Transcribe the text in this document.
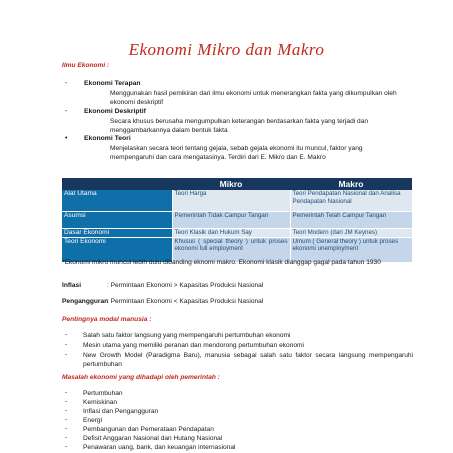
Ekonomi Mikro dan Makro
Ilmu Ekonomi :
- Ekonomi Terapan
Menggunakan hasil pemikiran dari ilmu ekonomi untuk menerangkan fakta yang dikumpulkan oleh ekonomi deskriptif
- Ekonomi Deskriptif
Secara khusus berusaha mengumpulkan keterangan berdasarkan fakta yang terjadi dan menggambarkannya dalam bentuk fakta
• Ekonomi Teori
Menjelaskan secara teori tentang gejala, sebab gejala ekonomi itu muncul, faktor yang mempengaruhi dan cara mengatasinya. Terdiri dari E. Mikro dan E. Makro
	Mikro	Makro
Alat Utama	Teori Harga	Teori Pendapatan Nasional dan Analisa Pendapatan Nasional
Asumsi	Pemerintah Tidak Campur Tangan	Pemerintah Telah Campur Tangan
Dasar Ekonomi	Teori Klasik dan Hukum Say	Teori Modern (dari JM Keynes)
Teori Ekonomi	Khusus ( special theory ) untuk proses ekonomi full employment	Umum ( General theory ) untuk proses ekonomi unemployment
*Ekonomi mikro muncul lebih dulu dibanding eknomi makro. Ekonomi klasik dianggap gagal pada tahun 1930
Inflasi	: Permintaan Ekonomi > Kapasitas Produksi Nasional
Pengangguran: Permintaan Ekonomi < Kapasitas Produksi Nasional
Pentingnya modal manusia :
- Salah satu faktor langsung yang mempengaruhi pertumbuhan ekonomi
- Mesin utama yang memiliki peranan dan mendorong pertumbuhan ekonomi
- New Growth Model (Paradigma Baru), manusia sebagai salah satu faktor secara langsung mempengaruhi pertumbuhan
Masalah ekonomi yang dihadapi oleh pemerintah :
- Pertumbuhan
- Kemiskinan
- Inflasi dan Pengangguran
- Energi
- Pembangunan dan Pemerataan Pendapatan
- Defisit Anggaran Nasional dan Hutang Nasional
- Penawaran uang, bank, dan keuangan internasional
